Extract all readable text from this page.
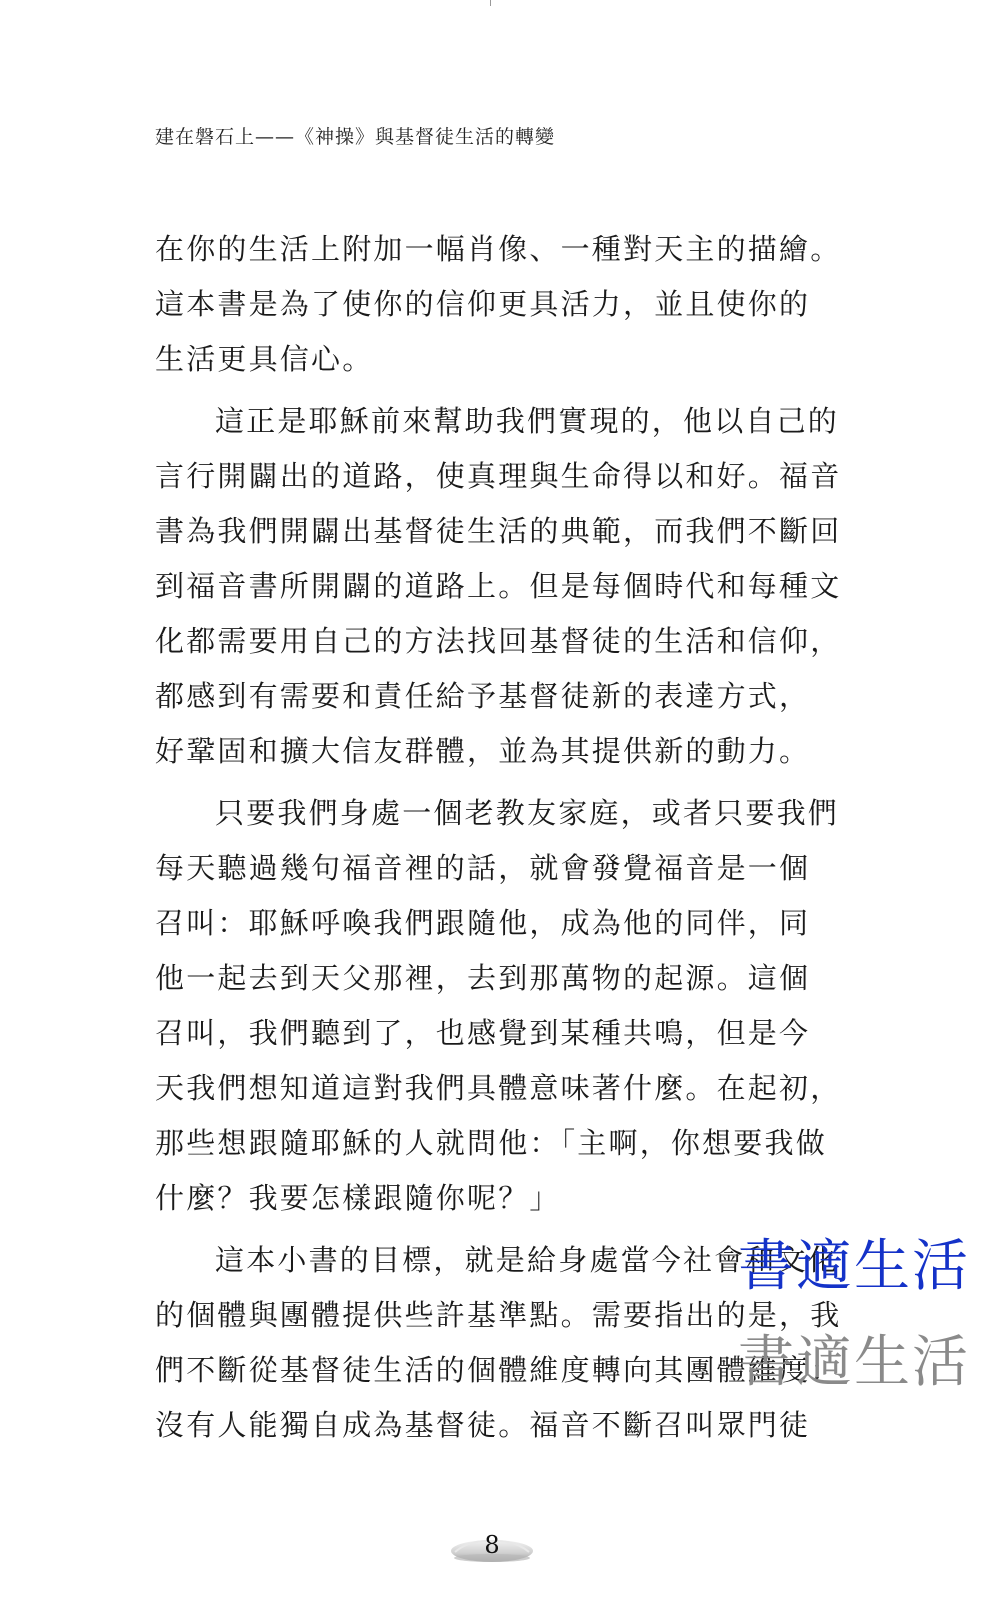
建在磐石上——《神操》與基督徒生活的轉變

在你的生活上附加一幅肖像、一種對天主的描繪。
這本書是為了使你的信仰更具活力，並且使你的
生活更具信心。

這正是耶穌前來幫助我們實現的，他以自己的
言行開闢出的道路，使真理與生命得以和好。福音
書為我們開闢出基督徒生活的典範，而我們不斷回
到福音書所開闢的道路上。但是每個時代和每種文
化都需要用自己的方法找回基督徒的生活和信仰，
都感到有需要和責任給予基督徒新的表達方式，
好鞏固和擴大信友群體，並為其提供新的動力。

只要我們身處一個老教友家庭，或者只要我們
每天聽過幾句福音裡的話，就會發覺福音是一個
召叫：耶穌呼喚我們跟隨他，成為他的同伴，同
他一起去到天父那裡，去到那萬物的起源。這個
召叫，我們聽到了，也感覺到某種共鳴，但是今
天我們想知道這對我們具體意味著什麼。在起初，
那些想跟隨耶穌的人就問他：「主啊，你想要我做
什麼？我要怎樣跟隨你呢？」

這本小書的目標，就是給身處當今社會和文化
的個體與團體提供些許基準點。需要指出的是，我
們不斷從基督徒生活的個體維度轉向其團體維度：
沒有人能獨自成為基督徒。福音不斷召叫眾門徒

書適生活
書適生活
8
